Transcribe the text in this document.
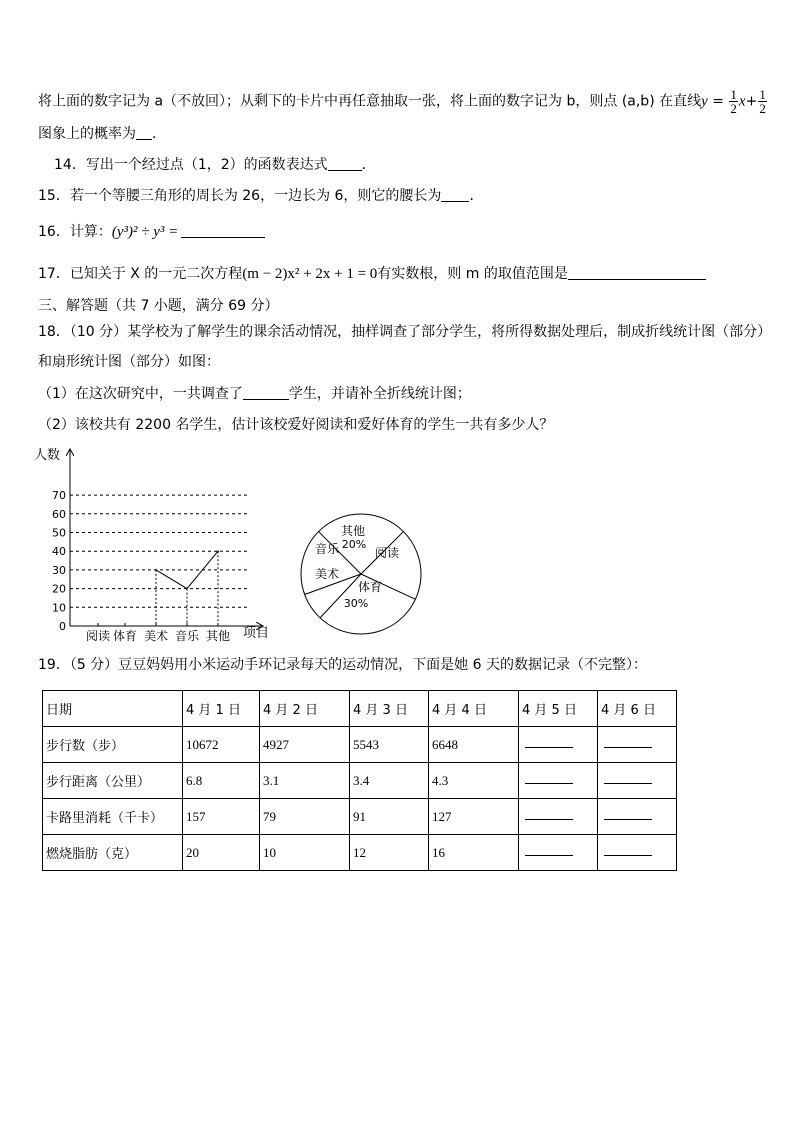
将上面的数字记为 a（不放回）；从剩下的卡片中再任意抽取一张，将上面的数字记为 b，则点 (a,b) 在直线$y = \frac{1}{2} x+ \frac{1}{2}$
图象上的概率为 ．
14．写出一个经过点（1，2）的函数表达式 ．
15．若一个等腰三角形的周长为 26，一边长为 6，则它的腰长为 ．
16．计算：(y³)² ÷ y³ =
17．已知关于 X 的一元二次方程(m − 2)x² + 2x + 1 = 0有实数根，则 m 的取值范围是
三、解答题（共 7 小题，满分 69 分）
18．（10 分）某学校为了解学生的课余活动情况，抽样调查了部分学生，将所得数据处理后，制成折线统计图（部分）
和扇形统计图（部分）如图：
（1）在这次研究中，一共调查了	学生，并请补全折线统计图；
（2）该校共有 2200 名学生，估计该校爱好阅读和爱好体育的学生一共有多少人？
人数
项目
0
10
20
30
40
50
60
70
阅读 体育 美术 音乐 其他
其他
20%
阅读
体育
30%
美术
音乐
19．（5 分）豆豆妈妈用小米运动手环记录每天的运动情况，下面是她 6 天的数据记录（不完整）：
日期	4 月 1 日	4 月 2 日	4 月 3 日	4 月 4 日	4 月 5 日	4 月 6 日
步行数（步）	10672	4927	5543	6648		
步行距离（公里）	6.8	3.1	3.4	4.3		
卡路里消耗（千卡）	157	79	91	127		
燃烧脂肪（克）	20	10	12	16		
